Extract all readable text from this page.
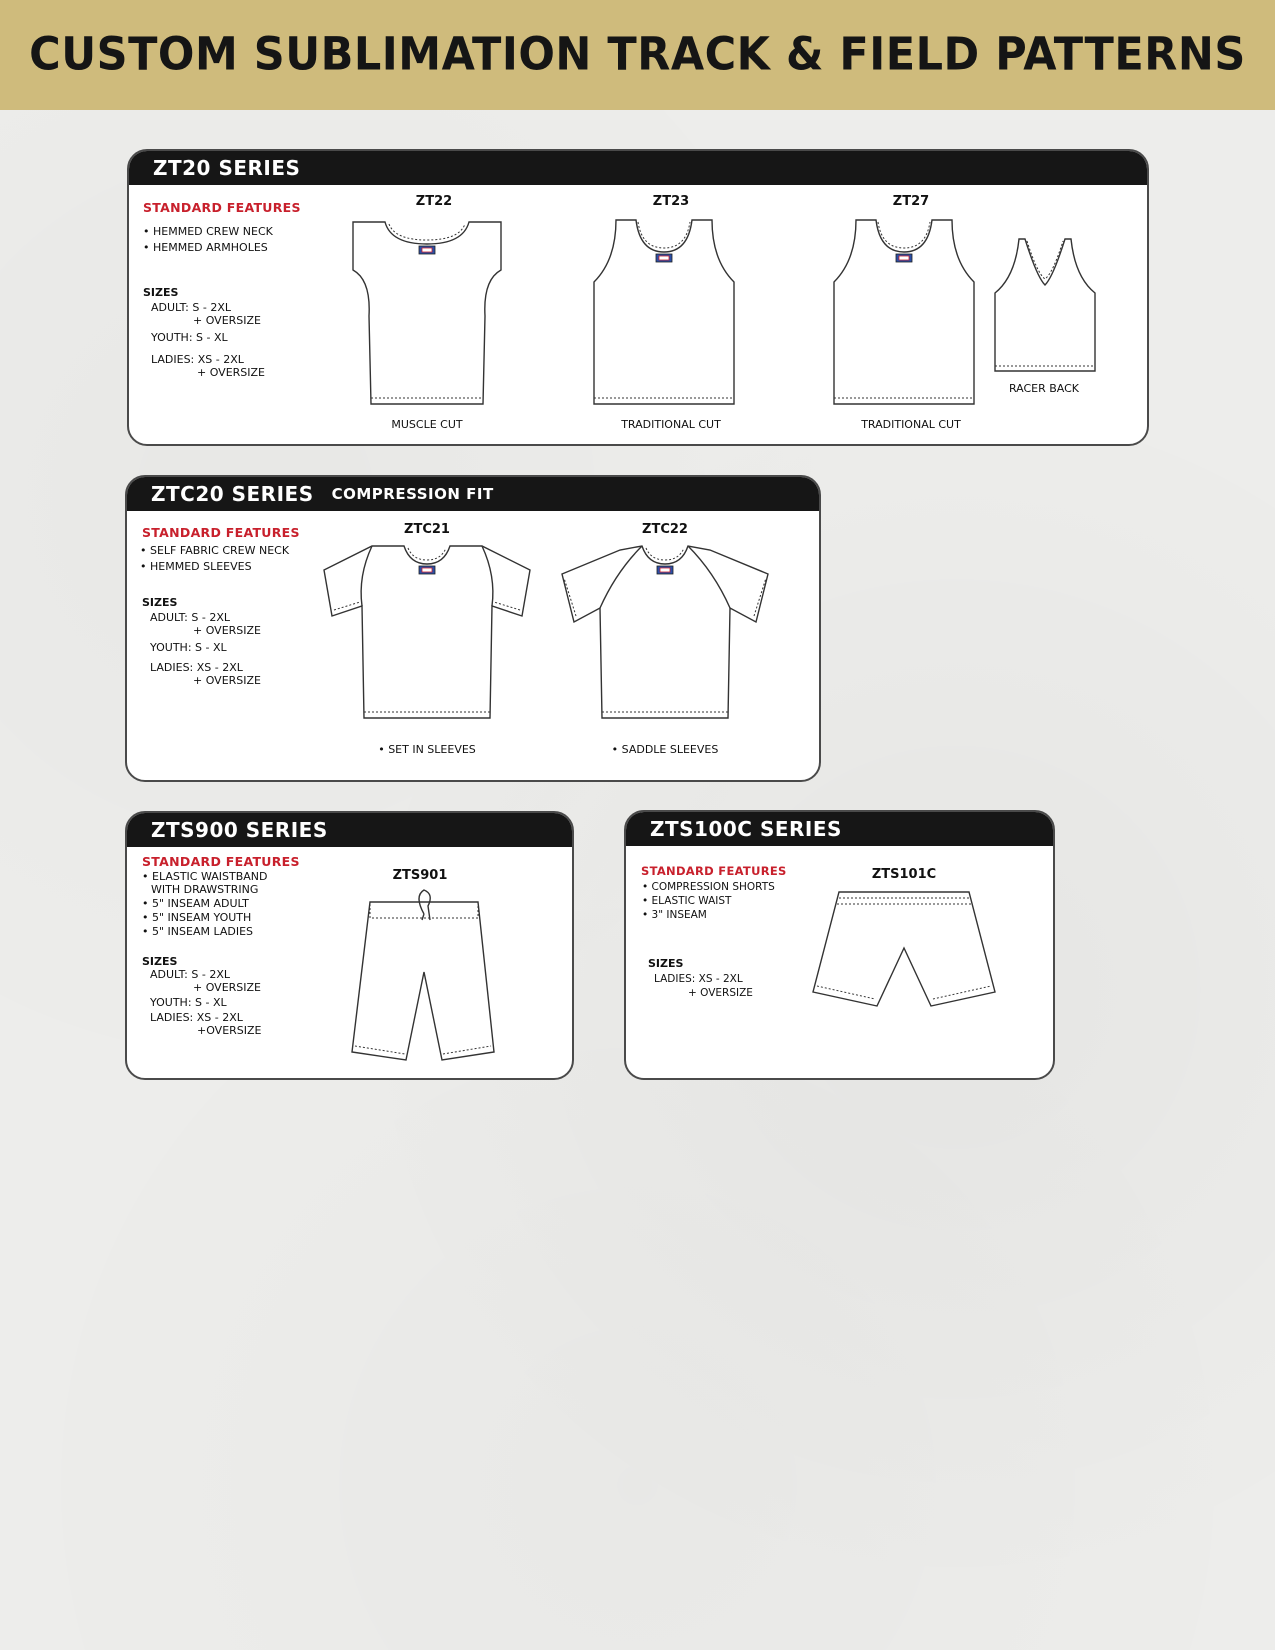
CUSTOM SUBLIMATION TRACK & FIELD PATTERNS
ZT20 SERIES
STANDARD FEATURES
• HEMMED CREW NECK
• HEMMED ARMHOLES
SIZES
ADULT: S - 2XL
+ OVERSIZE
YOUTH: S - XL
LADIES: XS - 2XL
+ OVERSIZE
ZT22
MUSCLE CUT
ZT23
TRADITIONAL CUT
ZT27
TRADITIONAL CUT
RACER BACK
ZTC20 SERIES COMPRESSION FIT
STANDARD FEATURES
• SELF FABRIC CREW NECK
• HEMMED SLEEVES
SIZES
ADULT: S - 2XL
+ OVERSIZE
YOUTH: S - XL
LADIES: XS - 2XL
+ OVERSIZE
ZTC21
• SET IN SLEEVES
ZTC22
• SADDLE SLEEVES
ZTS900 SERIES
STANDARD FEATURES
• ELASTIC WAISTBAND
WITH DRAWSTRING
• 5" INSEAM ADULT
• 5" INSEAM YOUTH
• 5" INSEAM LADIES
SIZES
ADULT: S - 2XL
+ OVERSIZE
YOUTH: S - XL
LADIES: XS - 2XL
+OVERSIZE
ZTS901
ZTS100C SERIES
STANDARD FEATURES
• COMPRESSION SHORTS
• ELASTIC WAIST
• 3" INSEAM
SIZES
LADIES: XS - 2XL
+ OVERSIZE
ZTS101C
